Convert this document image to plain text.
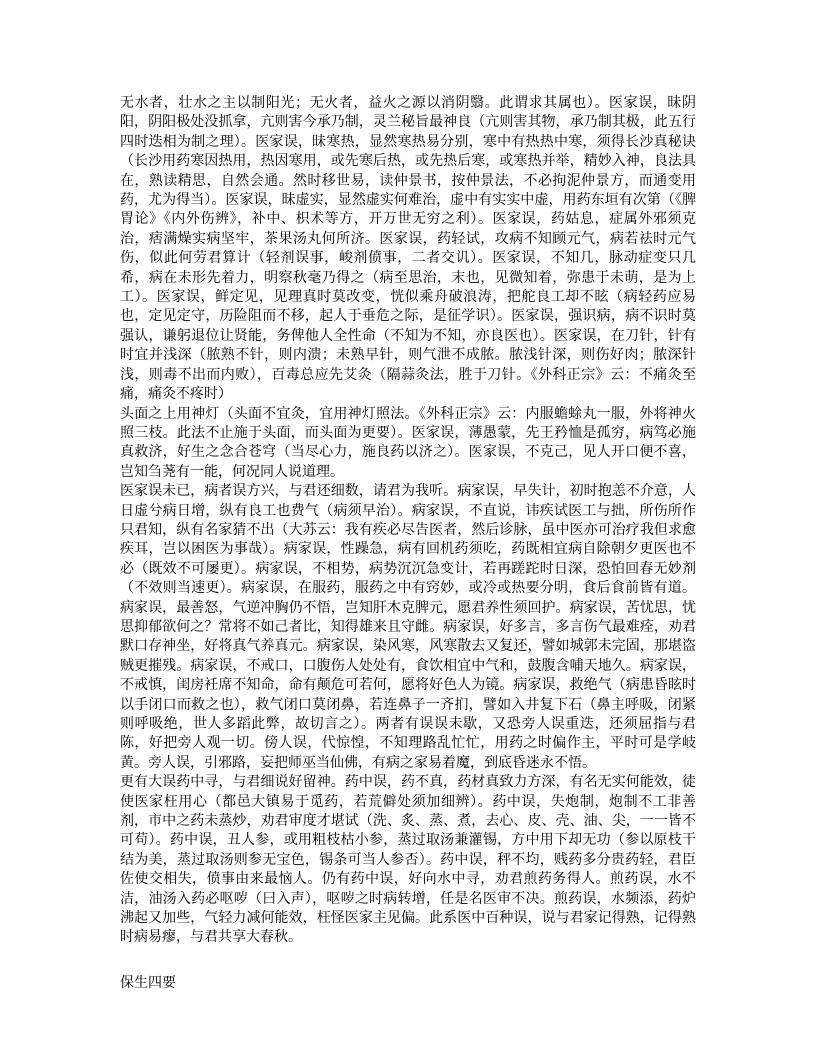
无水者，壮水之主以制阳光；无火者，益火之源以消阴翳。此谓求其属也）。医家误，昧阴阳，阴阳极处没抓拿，亢则害今承乃制，灵兰秘旨最神良（亢则害其物，承乃制其极，此五行四时迭相为制之理）。医家误，昧寒热，显然寒热易分别，寒中有热热中寒，须得长沙真秘诀（长沙用药寒因热用，热因寒用，或先寒后热，或先热后寒，或寒热并举，精妙入神，良法具在，熟读精思，自然会通。然时移世易，读仲景书，按仲景法，不必拘泥仲景方，而通变用药，尤为得当）。医家误，昧虚实，显然虚实何难治，虚中有实实中虚，用药东垣有次第（《脾胃论》《内外伤辨》，补中、枳术等方，开万世无穷之利）。医家误，药姑息，症属外邪须克治，痞满燥实病坚牢，茶果汤丸何所济。医家误，药轻试，攻病不知顾元气，病若祛时元气伤，似此何劳君算计（轻剂误事，峻剂偾事，二者交讥）。医家误，不知几，脉动症变只几希，病在未形先着力，明察秋毫乃得之（病至思治，末也，见微知着，弥患于未萌，是为上工）。医家误，鲜定见，见理真时莫改变，恍似乘舟破浪涛，把舵良工却不眩（病轻药应易也，定见定守，历险阻而不移，起人于垂危之际，是征学识）。医家误，强识病，病不识时莫强认，谦躬退位让贤能，务俾他人全性命（不知为不知，亦良医也）。医家误，在刀针，针有时宜并浅深（脓熟不针，则内溃；未熟早针，则气泄不成脓。脓浅针深，则伤好肉；脓深针浅，则毒不出而内败），百毒总应先艾灸（隔蒜灸法，胜于刀针。《外科正宗》云：不痛灸至痛，痛灸不疼时）

头面之上用神灯（头面不宜灸，宜用神灯照法。《外科正宗》云：内服蟾蜍丸一服，外将神火照三枝。此法不止施于头面，而头面为更要）。医家误，薄愚蒙，先王矜恤是孤穷，病笃必施真救济，好生之念合苍穹（当尽心力，施良药以济之）。医家误，不克己，见人开口便不喜，岂知刍荛有一能，何况同人说道理。

医家误未已，病者误方兴，与君还细数，请君为我听。病家误，早失计，初时抱恙不介意，人日虚兮病日增，纵有良工也费气（病须早治）。病家误，不直说，讳疾试医工与拙，所伤所作只君知，纵有名家猜不出（大苏云：我有疾必尽告医者，然后诊脉，虽中医亦可治疗我但求愈疾耳，岂以困医为事哉）。病家误，性躁急，病有回机药须吃，药既相宜病自除朝夕更医也不必（既效不可屡更）。病家误，不相势，病势沉沉急变计，若再蹉跎时日深，恐怕回春无妙剂（不效则当速更）。病家误，在服药，服药之中有窍妙，或冷或热要分明，食后食前皆有道。病家误，最善怒，气逆冲胸仍不悟，岂知肝木克脾元，愿君养性须回护。病家误，苦忧思，忧思抑郁欲何之？常将不如己者比，知得雄来且守雌。病家误，好多言，多言伤气最难痊，劝君默口存神坐，好将真气养真元。病家误，染风寒，风寒散去又复还，譬如城郭未完固，那堪盗贼更摧残。病家误，不戒口，口腹伤人处处有，食饮相宜中气和，鼓腹含哺天地久。病家误，不戒慎，闺房衽席不知命，命有颠危可若何，愿将好色人为镜。病家误，救绝气（病患昏眩时以手闭口而救之也），救气闭口莫闭鼻，若连鼻子一齐扪，譬如入井复下石（鼻主呼吸，闭紧则呼吸绝，世人多蹈此弊，故切言之）。两者有误误未歇，又恐旁人误重迭，还须屈指与君陈，好把旁人观一切。傍人误，代惊惶，不知理路乱忙忙，用药之时偏作主，平时可是学岐黄。旁人误，引邪路，妄把师巫当仙佛，有病之家易着魔，到底昏迷永不悟。

更有大误药中寻，与君细说好留神。药中误，药不真，药材真致力方深，有名无实何能效，徒使医家枉用心（都邑大镇易于觅药，若荒僻处须加细辨）。药中误，失炮制，炮制不工非善剂，市中之药未蒸炒，劝君审度才堪试（洗、炙、蒸、煮，去心、皮、壳、油、尖，一一皆不可苟）。药中误，丑人参，或用粗枝枯小参，蒸过取汤兼灌锡，方中用下却无功（参以原枝干结为美，蒸过取汤则参无宝色，锡条可当人参否）。药中误，秤不均，贱药多分贵药轻，君臣佐使交相失，偾事由来最恼人。仍有药中误，好向水中寻，劝君煎药务得人。煎药误，水不洁，油汤入药必呕哕（曰入声），呕哕之时病转增，任是名医审不决。煎药误，水频添，药炉沸起又加些，气轻力减何能效，枉怪医家主见偏。此系医中百种误，说与君家记得熟，记得熟时病易瘳，与君共享大春秋。

保生四要
